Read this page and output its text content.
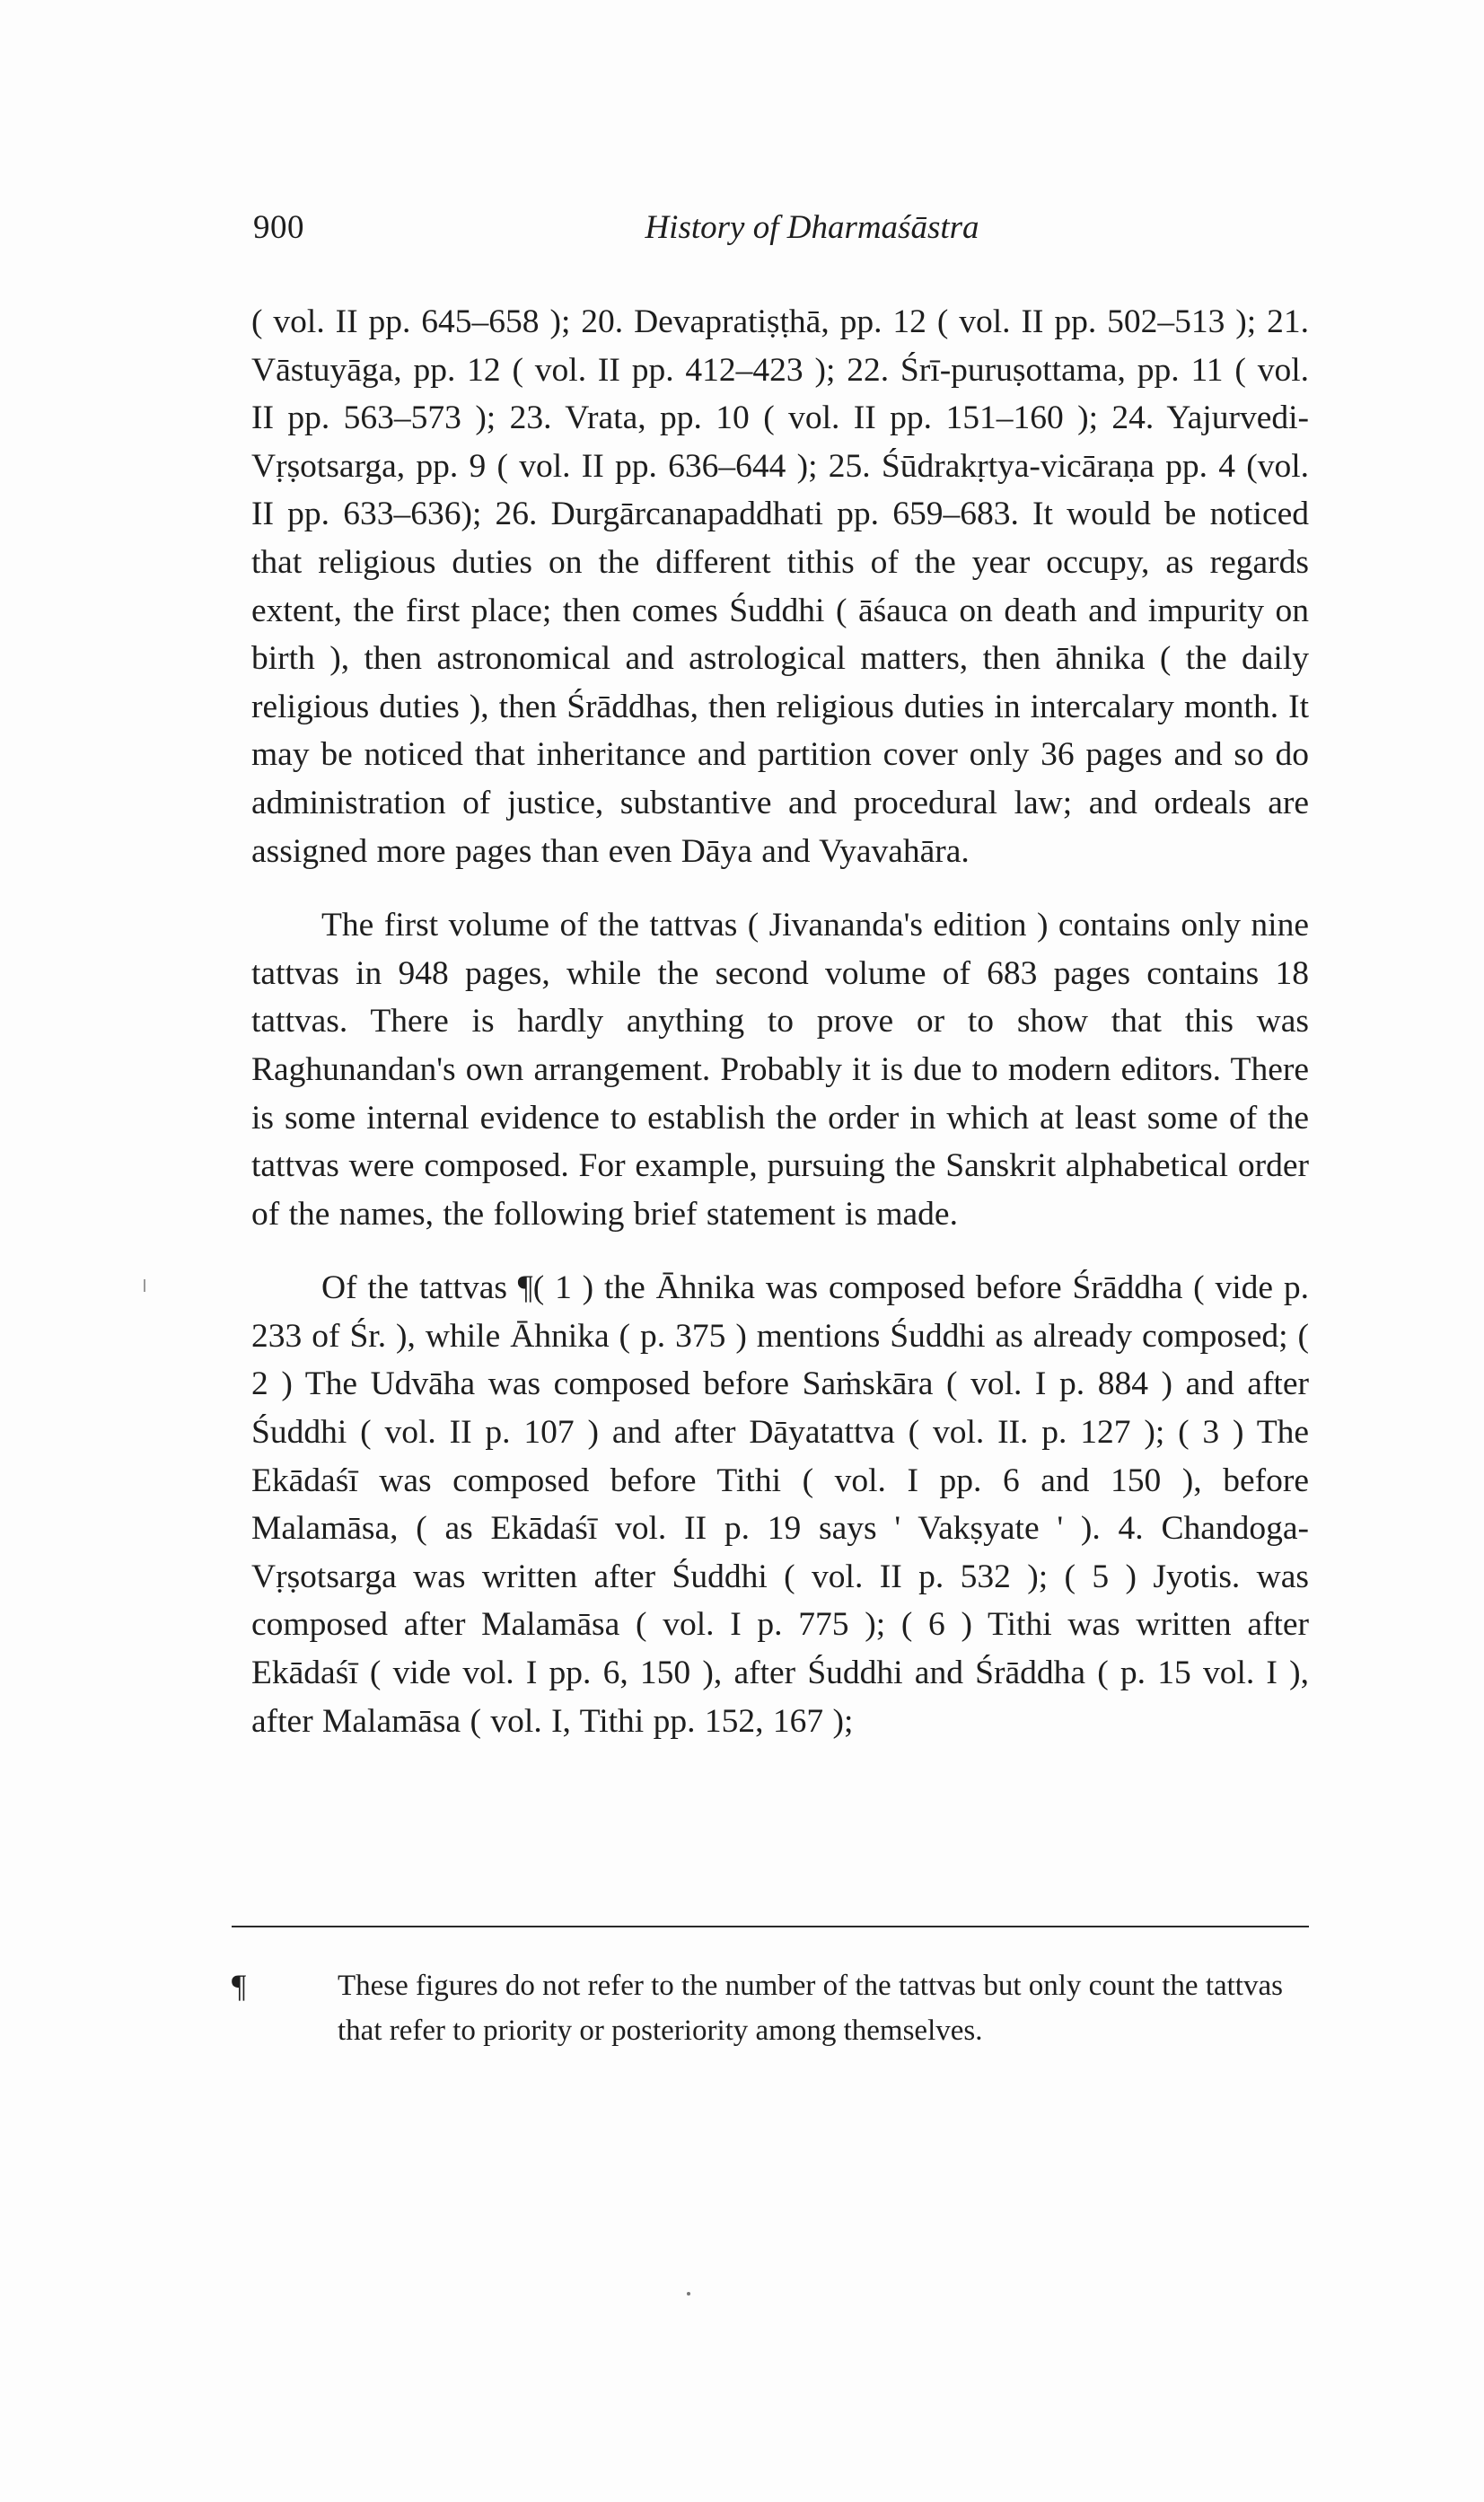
900	History of Dharmaśāstra

( vol. II pp. 645–658 ); 20. Devapratiṣṭhā, pp. 12 ( vol. II pp. 502–513 ); 21. Vāstuyāga, pp. 12 ( vol. II pp. 412–423 ); 22. Śrī-puruṣottama, pp. 11 ( vol. II pp. 563–573 ); 23. Vrata, pp. 10 ( vol. II pp. 151–160 ); 24. Yajurvedi-Vṛṣotsarga, pp. 9 ( vol. II pp. 636–644 ); 25. Śūdrakṛtya-vicāraṇa pp. 4 (vol. II pp. 633–636); 26. Durgārcanapaddhati pp. 659–683. It would be noticed that religious duties on the different tithis of the year occupy, as regards extent, the first place; then comes Śuddhi ( āśauca on death and impurity on birth ), then astronomical and astrological matters, then āhnika ( the daily religious duties ), then Śrāddhas, then religious duties in intercalary month. It may be noticed that inheritance and partition cover only 36 pages and so do administration of justice, substantive and procedural law; and ordeals are assigned more pages than even Dāya and Vyavahāra.

The first volume of the tattvas ( Jivananda's edition ) contains only nine tattvas in 948 pages, while the second volume of 683 pages contains 18 tattvas. There is hardly anything to prove or to show that this was Raghunandan's own arrangement. Probably it is due to modern editors. There is some internal evidence to establish the order in which at least some of the tattvas were composed. For example, pursuing the Sanskrit alphabetical order of the names, the following brief statement is made.

Of the tattvas ¶( 1 ) the Āhnika was composed before Śrāddha ( vide p. 233 of Śr. ), while Āhnika ( p. 375 ) mentions Śuddhi as already composed; ( 2 ) The Udvāha was composed before Saṁskāra ( vol. I p. 884 ) and after Śuddhi ( vol. II p. 107 ) and after Dāyatattva ( vol. II. p. 127 ); ( 3 ) The Ekādaśī was composed before Tithi ( vol. I pp. 6 and 150 ), before Malamāsa, ( as Ekādaśī vol. II p. 19 says ' Vakṣyate ' ). 4. Chandoga-Vṛṣotsarga was written after Śuddhi ( vol. II p. 532 ); ( 5 ) Jyotis. was composed after Malamāsa ( vol. I p. 775 ); ( 6 ) Tithi was written after Ekādaśī ( vide vol. I pp. 6, 150 ), after Śuddhi and Śrāddha ( p. 15 vol. I ), after Malamāsa ( vol. I, Tithi pp. 152, 167 );

¶	These figures do not refer to the number of the tattvas but only count the tattvas that refer to priority or posteriority among themselves.
